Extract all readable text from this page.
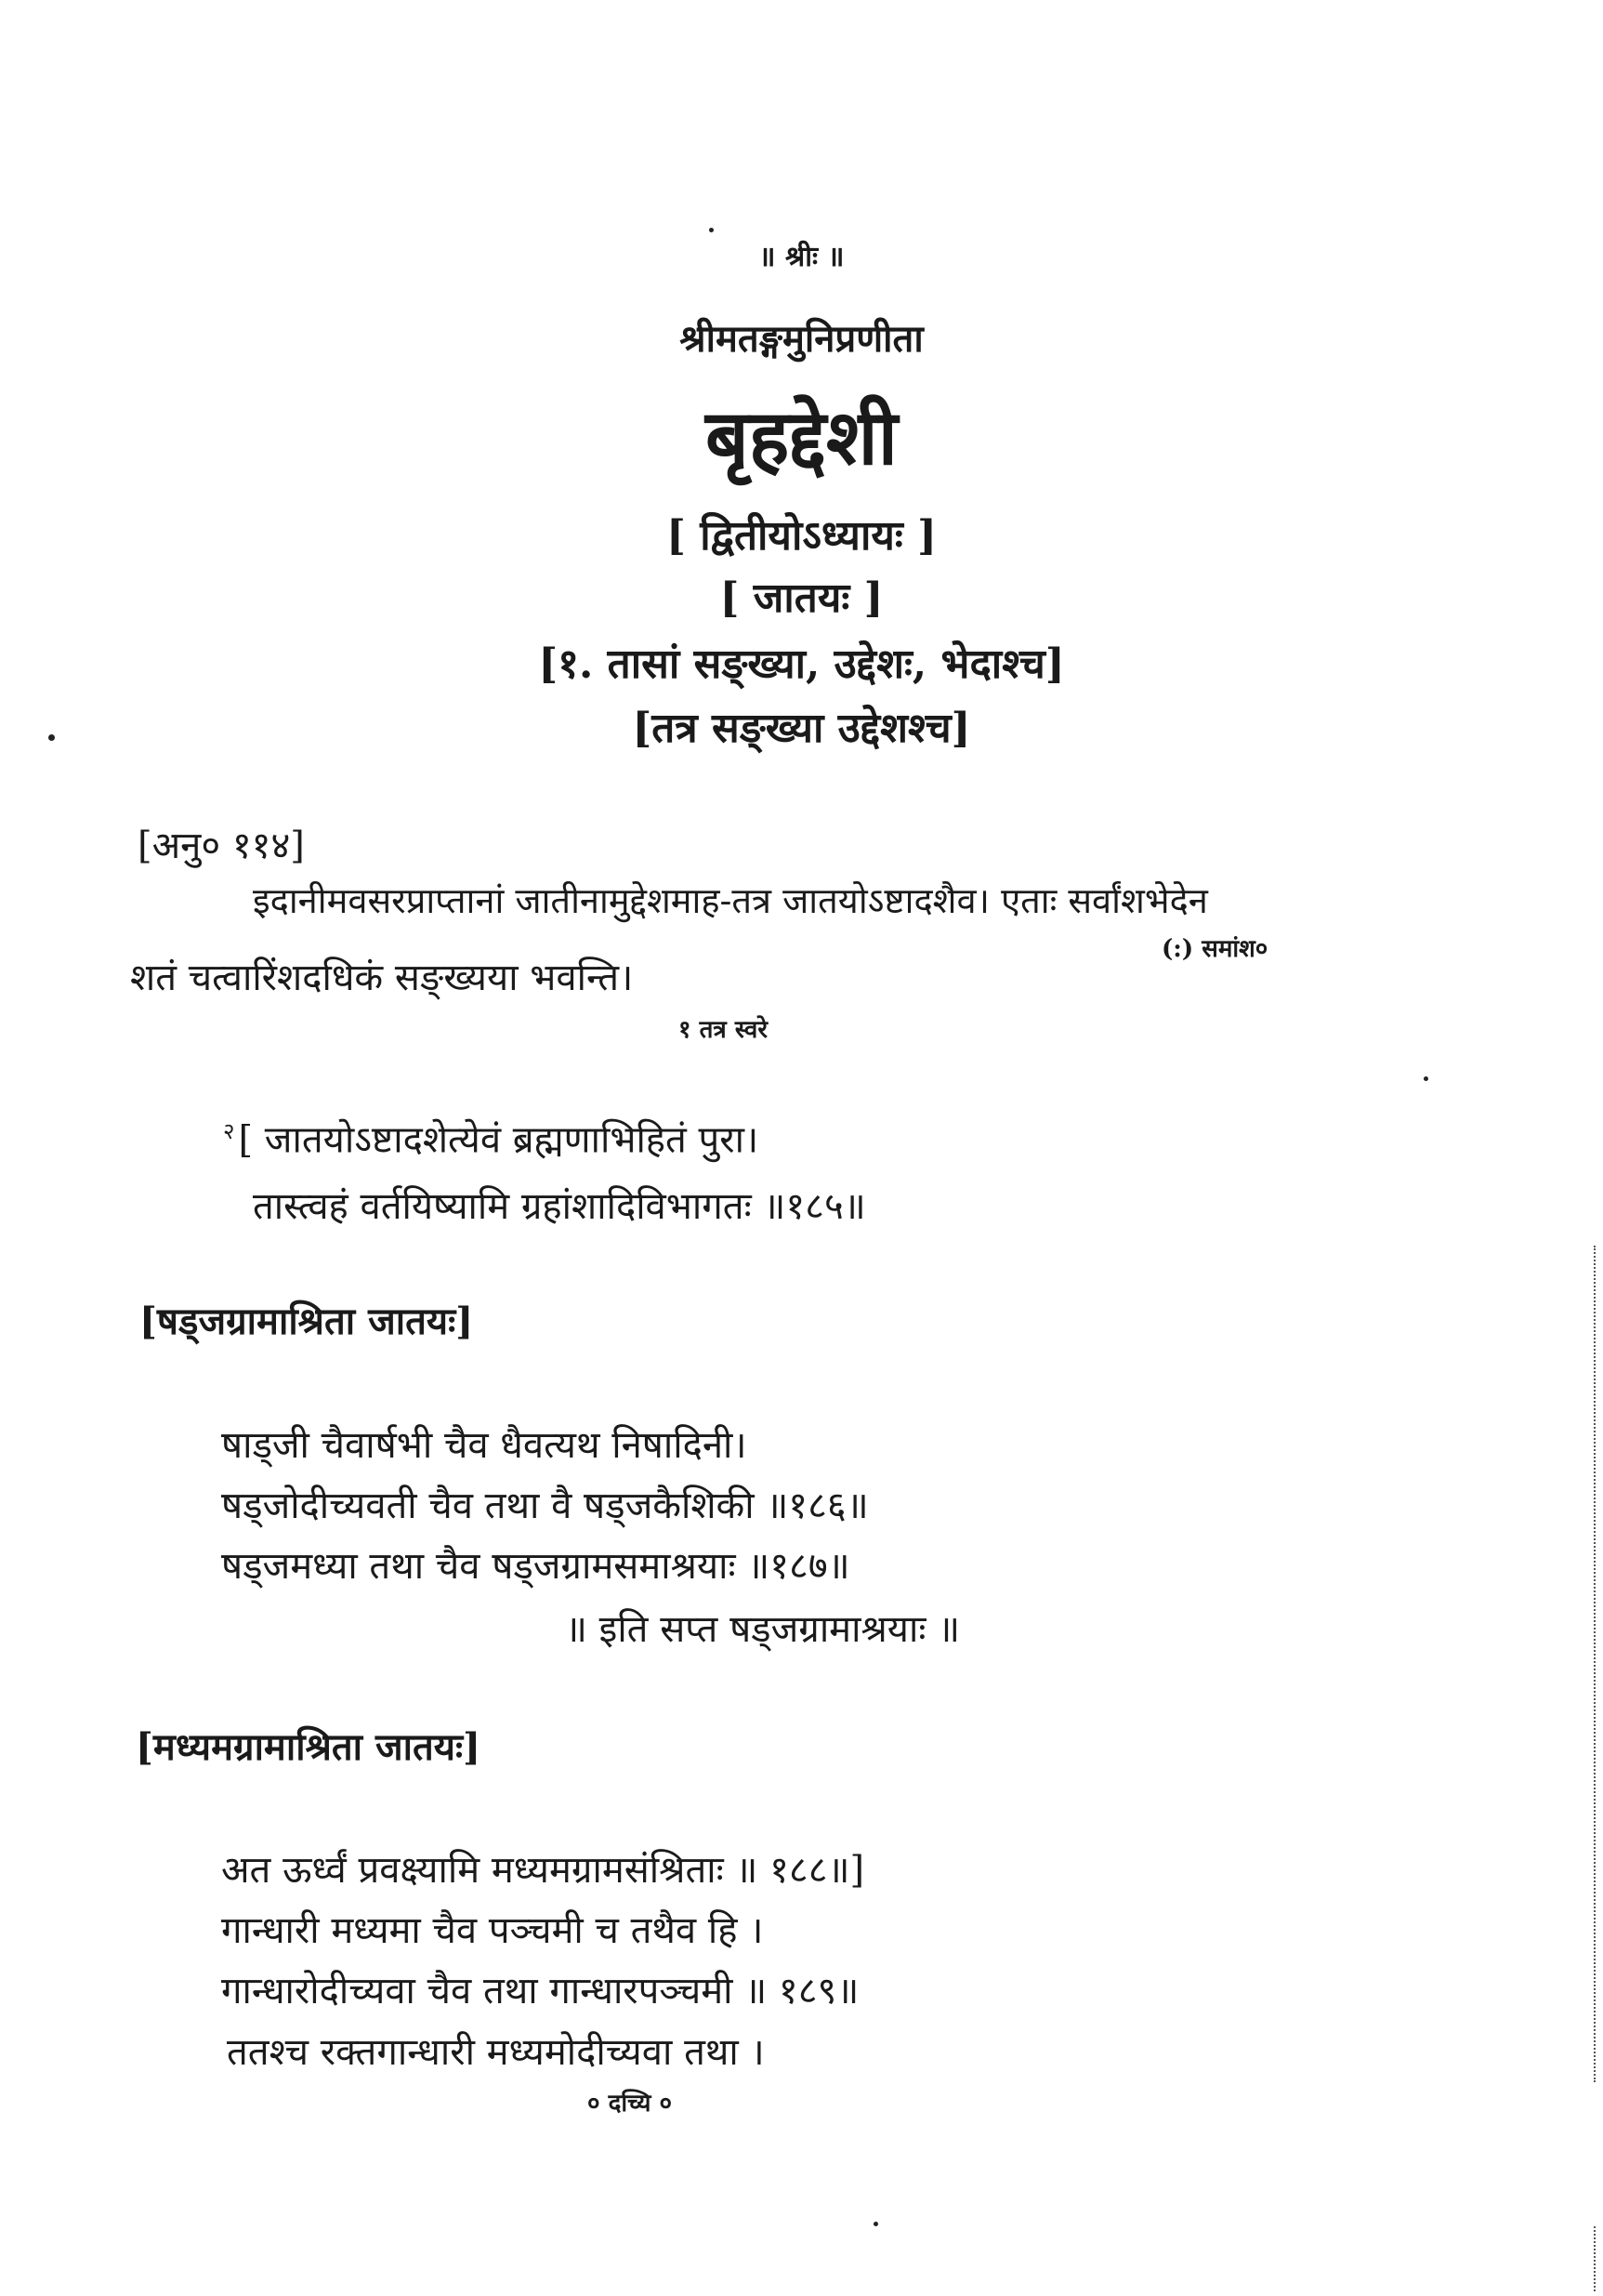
॥ श्रीः ॥
श्रीमतङ्गमुनिप्रणीता
बृहद्देशी
[ द्वितीयोऽध्यायः ]
[ जातयः ]
[१. तासां सङ्ख्या, उद्देशः, भेदाश्च]
[तत्र सङ्ख्या उद्देशश्च]
[अनु० ११४]
इदानीमवसरप्राप्तानां जातीनामुद्देशमाह-तत्र जातयोऽष्टादशैव। एताः सर्वांशभेदेन
(:) समांश०
शतं चत्वारिंशदधिकं सङ्ख्यया भवन्ति।
१ तत्र स्वरे
$^२$ [ जातयोऽष्टादशेत्येवं ब्रह्मणाभिहितं पुरा।
तास्त्वहं वर्तयिष्यामि ग्रहांशादिविभागतः ॥१८५॥
[षड्जग्रामाश्रिता जातयः]
षाड्जी चैवार्षभी चैव धैवत्यथ निषादिनी।
षड्जोदीच्यवती चैव तथा वै षड्जकैशिकी ॥१८६॥
षड्जमध्या तथा चैव षड्जग्रामसमाश्रयाः ॥१८७॥
॥ इति सप्त षड्जग्रामाश्रयाः ॥
[मध्यमग्रामाश्रिता जातयः]
अत ऊर्ध्वं प्रवक्ष्यामि मध्यमग्रामसंश्रिताः ॥ १८८॥]
गान्धारी मध्यमा चैव पञ्चमी च तथैव हि ।
गान्धारोदीच्यवा चैव तथा गान्धारपञ्चमी ॥ १८९॥
ततश्च रक्तगान्धारी मध्यमोदीच्यवा तथा ।
० दच्यि ०
